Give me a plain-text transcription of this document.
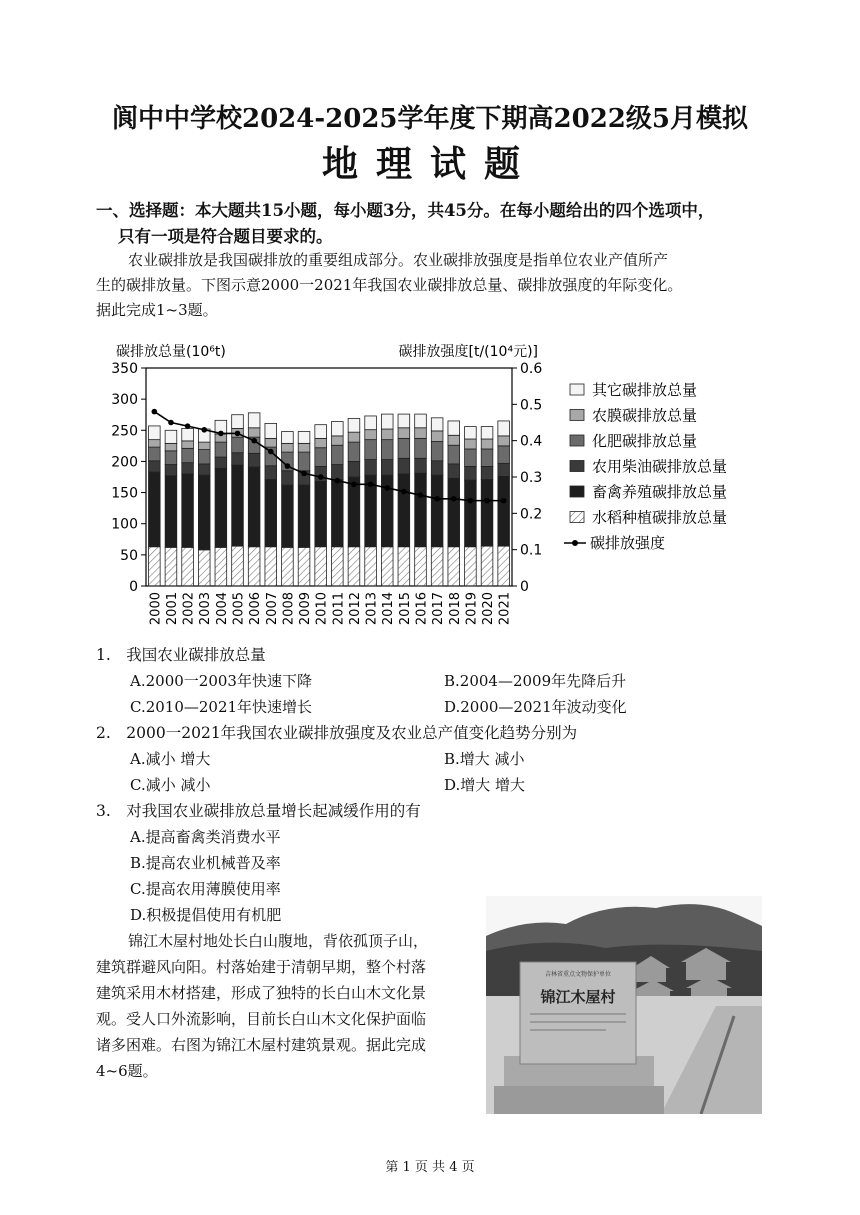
阆中中学校2024-2025学年度下期高2022级5月模拟
地理试题
一、选择题：本大题共15小题，每小题3分，共45分。在每小题给出的四个选项中，
只有一项是符合题目要求的。
农业碳排放是我国碳排放的重要组成部分。农业碳排放强度是指单位农业产值所产
生的碳排放量。下图示意2000一2021年我国农业碳排放总量、碳排放强度的年际变化。
据此完成1~3题。
碳排放总量(10⁶t)	碳排放强度[t/(10⁴元)]
0
50
100
150
200
250
300
350
0
0.1
0.2
0.3
0.4
0.5
0.6
2000 2001 2002 2003 2004 2005 2006 2007 2008 2009 2010 2011 2012 2013 2014 2015 2016 2017 2018 2019 2020 2021
其它碳排放总量
农膜碳排放总量
化肥碳排放总量
农用柴油碳排放总量
畜禽养殖碳排放总量
水稻种植碳排放总量
碳排放强度
1.　我国农业碳排放总量
A.2000一2003年快速下降	B.2004—2009年先降后升
C.2010—2021年快速增长	D.2000—2021年波动变化
2.　2000一2021年我国农业碳排放强度及农业总产值变化趋势分别为
A.减小 增大	B.增大 减小
C.减小 减小	D.增大 增大
3.　对我国农业碳排放总量增长起减缓作用的有
A.提高畜禽类消费水平
B.提高农业机械普及率
C.提高农用薄膜使用率
D.积极提倡使用有机肥
锦江木屋村地处长白山腹地，背依孤顶子山，
建筑群避风向阳。村落始建于清朝早期，整个村落
建筑采用木材搭建，形成了独特的长白山木文化景
观。受人口外流影响，目前长白山木文化保护面临
诸多困难。右图为锦江木屋村建筑景观。据此完成
4~6题。
吉林省重点文物保护单位
锦江木屋村
第 1 页 共 4 页
